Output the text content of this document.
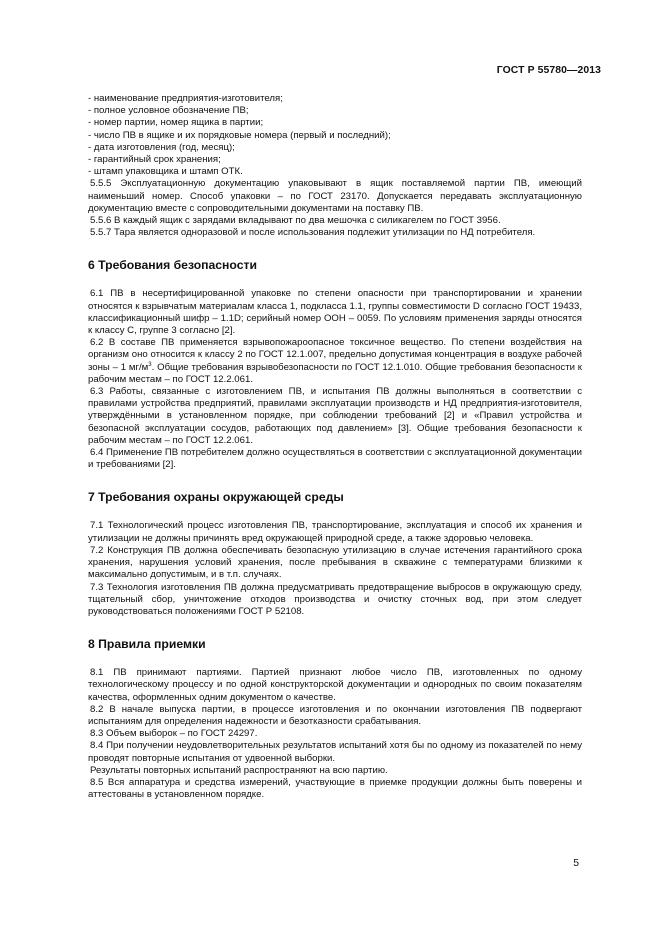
ГОСТ Р 55780—2013

- наименование предприятия-изготовителя;

- полное условное обозначение ПВ;

- номер партии, номер ящика в партии;

- число ПВ в ящике и их порядковые номера (первый и последний);

- дата изготовления (год, месяц);

- гарантийный срок хранения;

- штамп упаковщика и штамп ОТК.

5.5.5 Эксплуатационную документацию упаковывают в ящик поставляемой партии ПВ, имеющий наименьший номер. Способ упаковки – по ГОСТ 23170. Допускается передавать эксплуатационную документацию вместе с сопроводительными документами на поставку ПВ.

5.5.6 В каждый ящик с зарядами вкладывают по два мешочка с силикагелем по ГОСТ 3956.

5.5.7 Тара является одноразовой и после использования подлежит утилизации по НД потребителя.

6 Требования безопасности

6.1 ПВ в несертифицированной упаковке по степени опасности при транспортировании и хранении относятся к взрывчатым материалам класса 1, подкласса 1.1, группы совместимости D согласно ГОСТ 19433, классификационный шифр – 1.1D; серийный номер ООН – 0059. По условиям применения заряды относятся к классу С, группе 3 согласно [2].

6.2 В составе ПВ применяется взрывопожароопасное токсичное вещество. По степени воздействия на организм оно относится к классу 2 по ГОСТ 12.1.007, предельно допустимая концентрация в воздухе рабочей зоны – 1 $мг/м^3$. Общие требования взрывобезопасности по ГОСТ 12.1.010. Общие требования безопасности к рабочим местам – по ГОСТ 12.2.061.

6.3 Работы, связанные с изготовлением ПВ, и испытания ПВ должны выполняться в соответствии с правилами устройства предприятий, правилами эксплуатации производств и НД предприятия-изготовителя, утверждёнными в установленном порядке, при соблюдении требований [2] и «Правил устройства и безопасной эксплуатации сосудов, работающих под давлением» [3]. Общие требования безопасности к рабочим местам – по ГОСТ 12.2.061.

6.4 Применение ПВ потребителем должно осуществляться в соответствии с эксплуатационной документации и требованиями [2].

7 Требования охраны окружающей среды

7.1 Технологический процесс изготовления ПВ, транспортирование, эксплуатация и способ их хранения и утилизации не должны причинять вред окружающей природной среде, а также здоровью человека.

7.2 Конструкция ПВ должна обеспечивать безопасную утилизацию в случае истечения гарантийного срока хранения, нарушения условий хранения, после пребывания в скважине с температурами близкими к максимально допустимым, и в т.п. случаях.

7.3 Технология изготовления ПВ должна предусматривать предотвращение выбросов в окружающую среду, тщательный сбор, уничтожение отходов производства и очистку сточных вод, при этом следует руководствоваться положениями ГОСТ Р 52108.

8 Правила приемки

8.1 ПВ принимают партиями. Партией признают любое число ПВ, изготовленных по одному технологическому процессу и по одной конструкторской документации и однородных по своим показателям качества, оформленных одним документом о качестве.

8.2 В начале выпуска партии, в процессе изготовления и по окончании изготовления ПВ подвергают испытаниям для определения надежности и безотказности срабатывания.

8.3 Объем выборок – по ГОСТ 24297.

8.4 При получении неудовлетворительных результатов испытаний хотя бы по одному из показателей по нему проводят повторные испытания от удвоенной выборки.

Результаты повторных испытаний распространяют на всю партию.

8.5 Вся аппаратура и средства измерений, участвующие в приемке продукции должны быть поверены и аттестованы в установленном порядке.

5
